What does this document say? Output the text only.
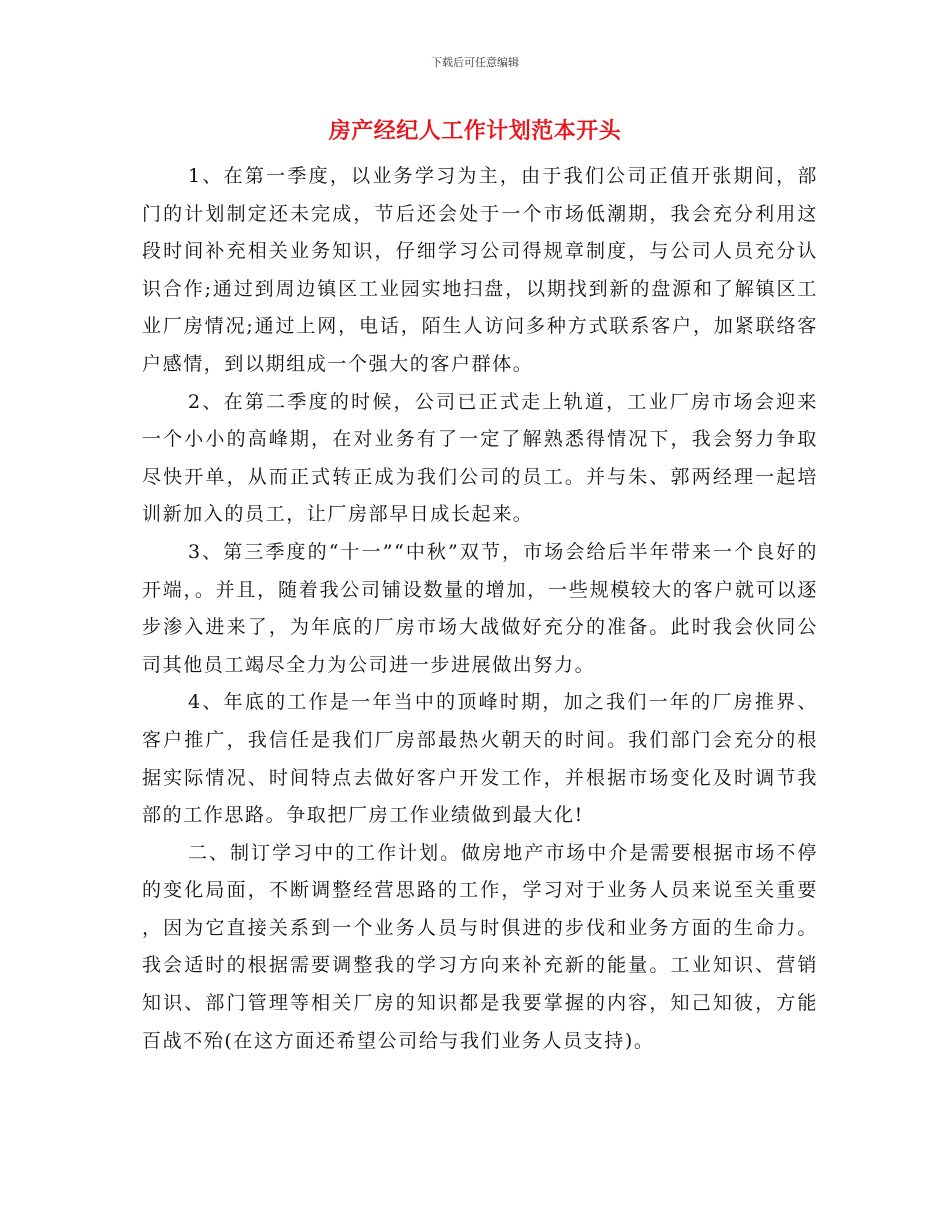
下载后可任意编辑
房产经纪人工作计划范本开头

1、在第一季度，以业务学习为主，由于我们公司正值开张期间，部门的计划制定还未完成，节后还会处于一个市场低潮期，我会充分利用这段时间补充相关业务知识，仔细学习公司得规章制度，与公司人员充分认识合作;通过到周边镇区工业园实地扫盘，以期找到新的盘源和了解镇区工业厂房情况;通过上网，电话，陌生人访问多种方式联系客户，加紧联络客户感情，到以期组成一个强大的客户群体。

2、在第二季度的时候，公司已正式走上轨道，工业厂房市场会迎来一个小小的高峰期，在对业务有了一定了解熟悉得情况下，我会努力争取尽快开单，从而正式转正成为我们公司的员工。并与朱、郭两经理一起培训新加入的员工，让厂房部早日成长起来。

3、第三季度的“十一”“中秋”双节，市场会给后半年带来一个良好的开端，。并且，随着我公司铺设数量的增加，一些规模较大的客户就可以逐步渗入进来了，为年底的厂房市场大战做好充分的准备。此时我会伙同公司其他员工竭尽全力为公司进一步进展做出努力。

4、年底的工作是一年当中的顶峰时期，加之我们一年的厂房推界、客户推广，我信任是我们厂房部最热火朝天的时间。我们部门会充分的根据实际情况、时间特点去做好客户开发工作，并根据市场变化及时调节我部的工作思路。争取把厂房工作业绩做到最大化!

二、制订学习中的工作计划。做房地产市场中介是需要根据市场不停的变化局面，不断调整经营思路的工作，学习对于业务人员来说至关重要，因为它直接关系到一个业务人员与时俱进的步伐和业务方面的生命力。我会适时的根据需要调整我的学习方向来补充新的能量。工业知识、营销知识、部门管理等相关厂房的知识都是我要掌握的内容，知己知彼，方能百战不殆(在这方面还希望公司给与我们业务人员支持)。
